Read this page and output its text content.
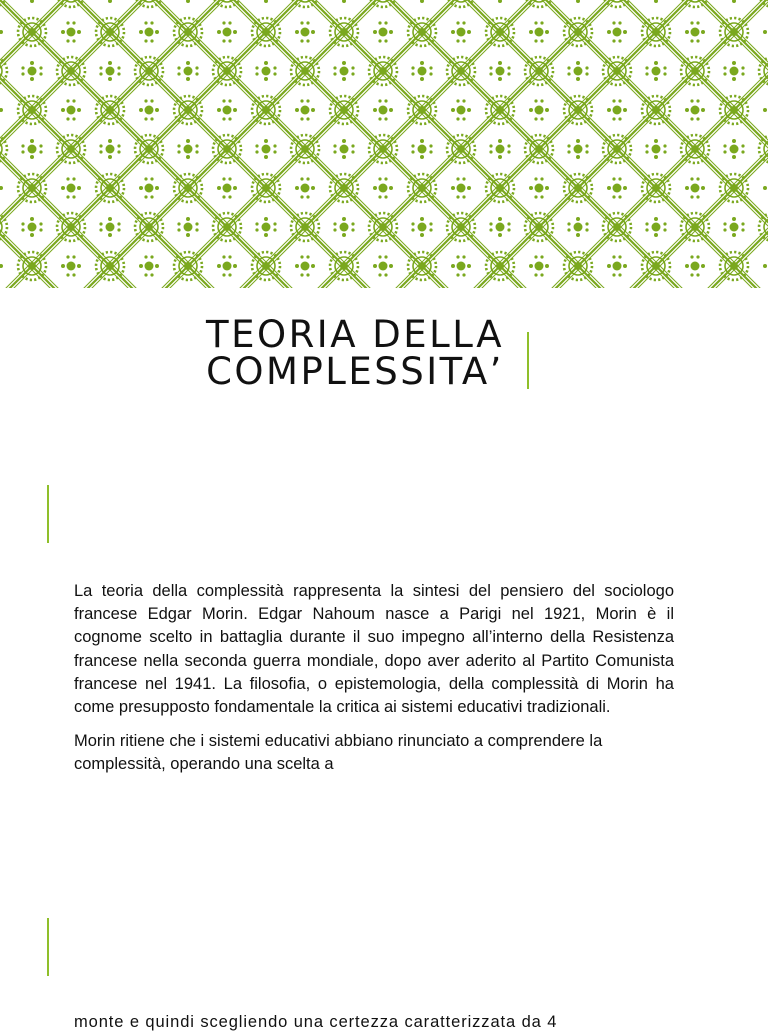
TEORIA DELLA
COMPLESSITA’

La teoria della complessità rappresenta la sintesi del pensiero del sociologo francese Edgar Morin. Edgar Nahoum nasce a Parigi nel 1921, Morin è il cognome scelto in battaglia durante il suo impegno all’interno della Resistenza francese nella seconda guerra mondiale, dopo aver aderito al Partito Comunista francese nel 1941. La filosofia, o epistemologia, della complessità di Morin ha come presupposto fondamentale la critica ai sistemi educativi tradizionali.

Morin ritiene che i sistemi educativi abbiano rinunciato a comprendere la complessità, operando una scelta a

monte e quindi scegliendo una certezza caratterizzata da 4
